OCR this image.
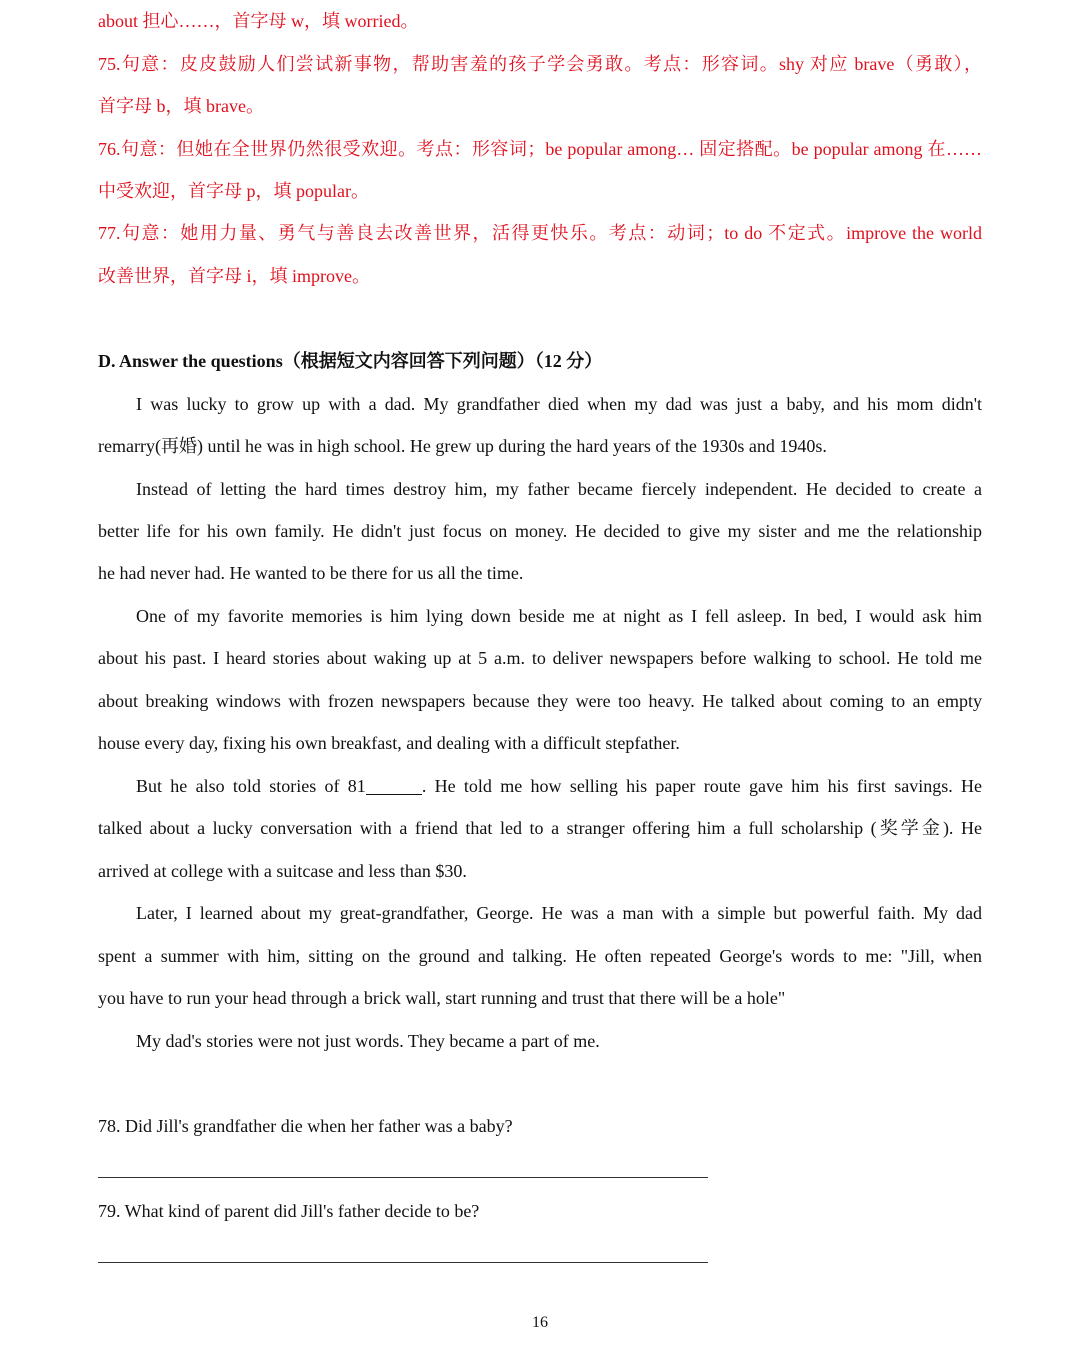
about 担心……，首字母 w，填 worried。
75.句意：皮皮鼓励人们尝试新事物，帮助害羞的孩子学会勇敢。考点：形容词。shy 对应 brave（勇敢），
首字母 b，填 brave。
76.句意：但她在全世界仍然很受欢迎。考点：形容词；be popular among… 固定搭配。be popular among 在……
中受欢迎，首字母 p，填 popular。
77.句意：她用力量、勇气与善良去改善世界，活得更快乐。考点：动词；to do 不定式。improve the world
改善世界，首字母 i，填 improve。
D. Answer the questions（根据短文内容回答下列问题）（12 分）
I was lucky to grow up with a dad. My grandfather died when my dad was just a baby, and his mom didn't
remarry(再婚) until he was in high school. He grew up during the hard years of the 1930s and 1940s.
Instead of letting the hard times destroy him, my father became fiercely independent. He decided to create a
better life for his own family. He didn't just focus on money. He decided to give my sister and me the relationship
he had never had. He wanted to be there for us all the time.
One of my favorite memories is him lying down beside me at night as I fell asleep. In bed, I would ask him
about his past. I heard stories about waking up at 5 a.m. to deliver newspapers before walking to school. He told me
about breaking windows with frozen newspapers because they were too heavy. He talked about coming to an empty
house every day, fixing his own breakfast, and dealing with a difficult stepfather.
But he also told stories of 81	. He told me how selling his paper route gave him his first savings. He
talked about a lucky conversation with a friend that led to a stranger offering him a full scholarship (奖学金). He
arrived at college with a suitcase and less than $30.
Later, I learned about my great-grandfather, George. He was a man with a simple but powerful faith. My dad
spent a summer with him, sitting on the ground and talking. He often repeated George's words to me: "Jill, when
you have to run your head through a brick wall, start running and trust that there will be a hole"
My dad's stories were not just words. They became a part of me.
78. Did Jill's grandfather die when her father was a baby?
79. What kind of parent did Jill's father decide to be?
16
